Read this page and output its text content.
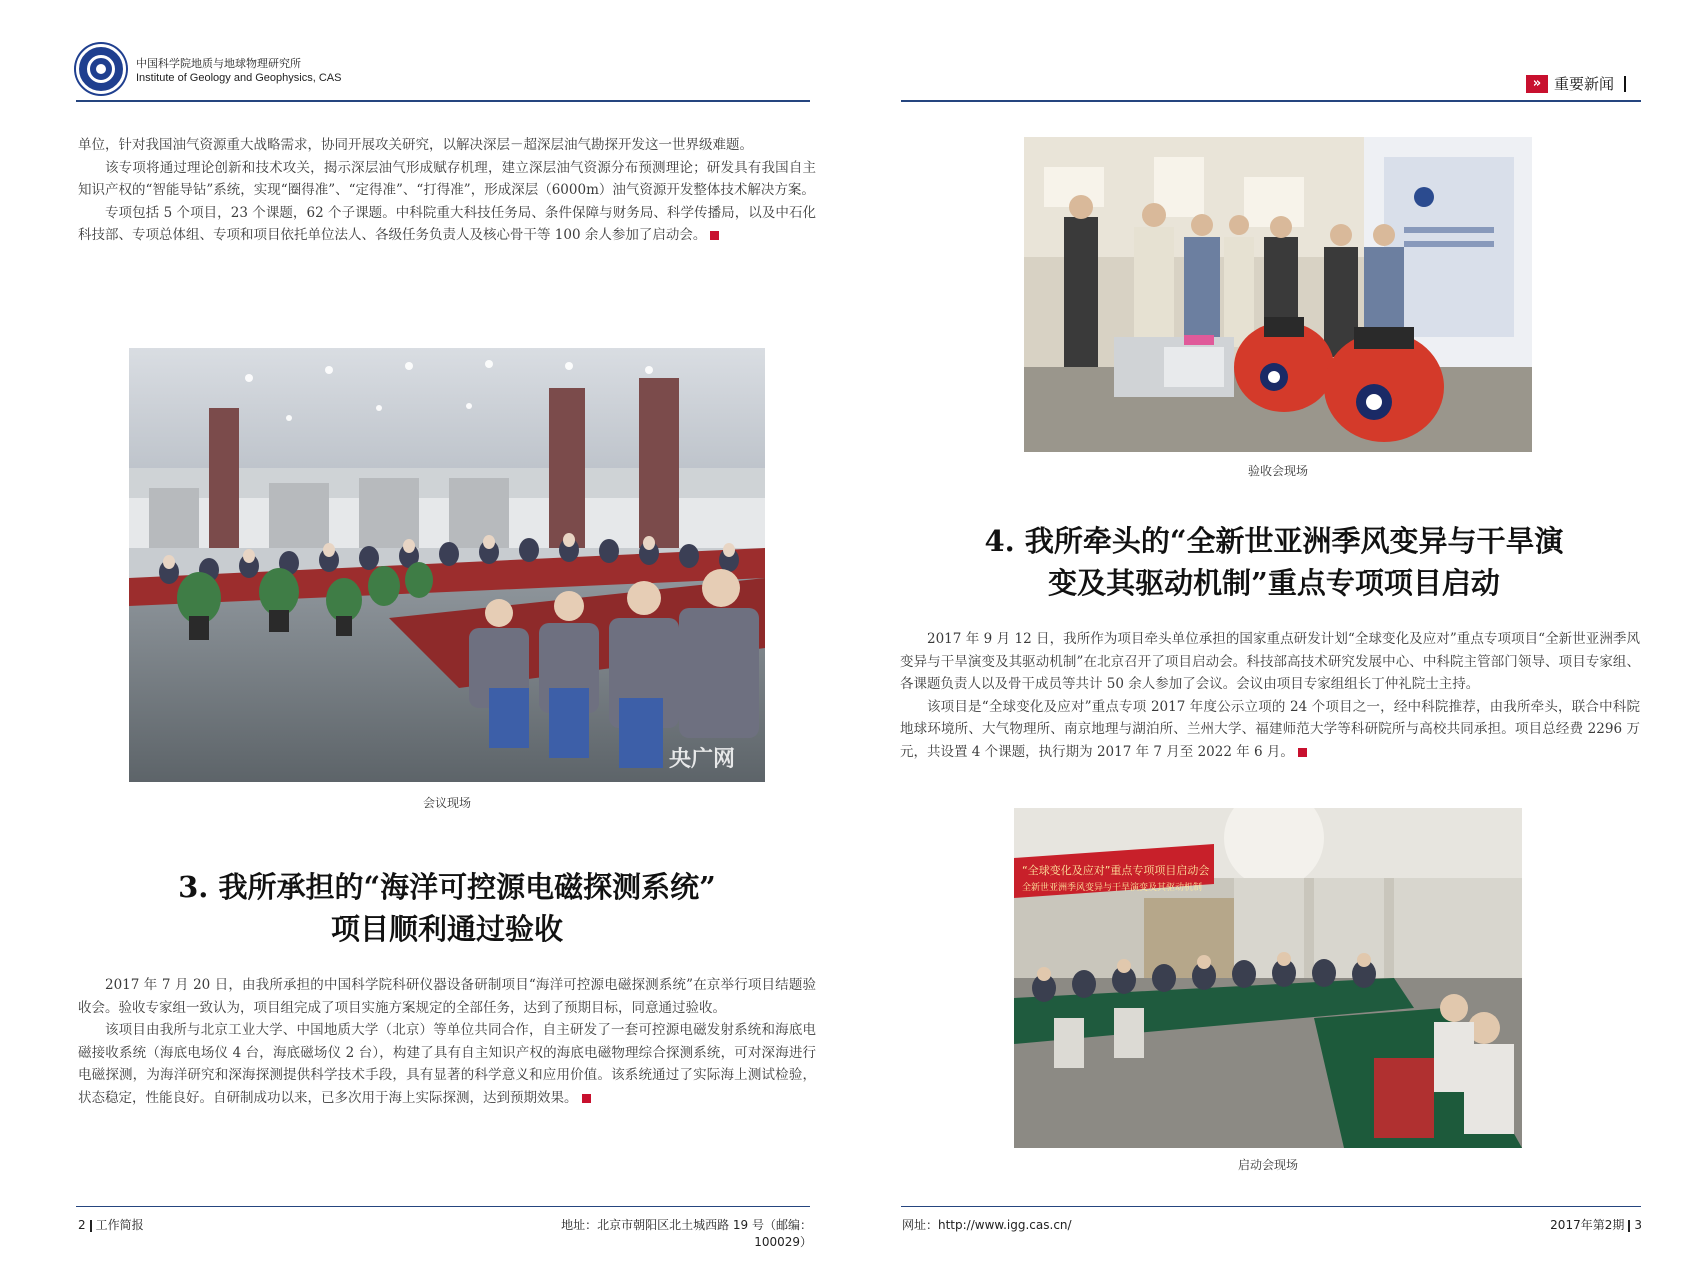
中国科学院地质与地球物理研究所
Institute of Geology and Geophysics, CAS	» 重要新闻

单位，针对我国油气资源重大战略需求，协同开展攻关研究，以解决深层－超深层油气勘探开发这一世界级难题。

该专项将通过理论创新和技术攻关，揭示深层油气形成赋存机理，建立深层油气资源分布预测理论；研发具有我国自主知识产权的“智能导钻”系统，实现“圈得准”、“定得准”、“打得准”，形成深层（6000m）油气资源开发整体技术解决方案。

专项包括 5 个项目，23 个课题，62 个子课题。中科院重大科技任务局、条件保障与财务局、科学传播局，以及中石化科技部、专项总体组、专项和项目依托单位法人、各级任务负责人及核心骨干等 100 余人参加了启动会。

央广网
会议现场

3. 我所承担的“海洋可控源电磁探测系统”

项目顺利通过验收

2017 年 7 月 20 日，由我所承担的中国科学院科研仪器设备研制项目“海洋可控源电磁探测系统”在京举行项目结题验收会。验收专家组一致认为，项目组完成了项目实施方案规定的全部任务，达到了预期目标，同意通过验收。

该项目由我所与北京工业大学、中国地质大学（北京）等单位共同合作，自主研发了一套可控源电磁发射系统和海底电磁接收系统（海底电场仪 4 台，海底磁场仪 2 台），构建了具有自主知识产权的海底电磁物理综合探测系统，可对深海进行电磁探测，为海洋研究和深海探测提供科学技术手段，具有显著的科学意义和应用价值。该系统通过了实际海上测试检验，状态稳定，性能良好。自研制成功以来，已多次用于海上实际探测，达到预期效果。

2 工作简报	地址：北京市朝阳区北土城西路 19 号（邮编：100029）
验收会现场

4. 我所牵头的“全新世亚洲季风变异与干旱演

变及其驱动机制”重点专项项目启动

2017 年 9 月 12 日，我所作为项目牵头单位承担的国家重点研发计划“全球变化及应对”重点专项项目“全新世亚洲季风变异与干旱演变及其驱动机制”在北京召开了项目启动会。科技部高技术研究发展中心、中科院主管部门领导、项目专家组、各课题负责人以及骨干成员等共计 50 余人参加了会议。会议由项目专家组组长丁仲礼院士主持。

该项目是“全球变化及应对”重点专项 2017 年度公示立项的 24 个项目之一，经中科院推荐，由我所牵头，联合中科院地球环境所、大气物理所、南京地理与湖泊所、兰州大学、福建师范大学等科研院所与高校共同承担。项目总经费 2296 万元，共设置 4 个课题，执行期为 2017 年 7 月至 2022 年 6 月。

“全球变化及应对”重点专项项目启动会
全新世亚洲季风变异与干旱演变及其驱动机制
启动会现场
网址：http://www.igg.cas.cn/	2017年第2期 3
